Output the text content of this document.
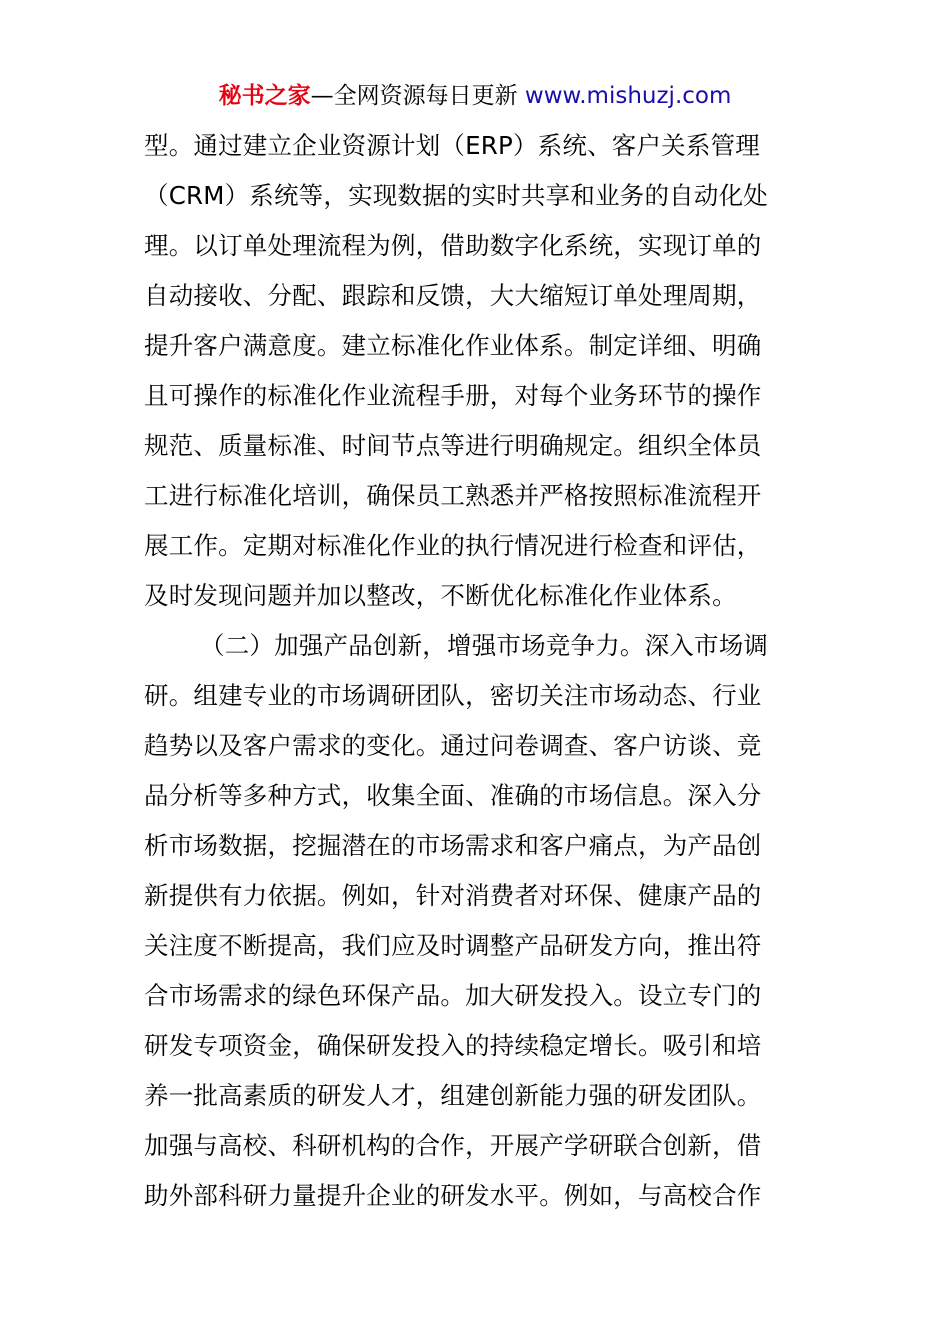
秘书之家—全网资源每日更新 www.mishuzj.com
型。通过建立企业资源计划（ERP）系统、客户关系管理
（CRM）系统等，实现数据的实时共享和业务的自动化处
理。以订单处理流程为例，借助数字化系统，实现订单的
自动接收、分配、跟踪和反馈，大大缩短订单处理周期，
提升客户满意度。建立标准化作业体系。制定详细、明确
且可操作的标准化作业流程手册，对每个业务环节的操作
规范、质量标准、时间节点等进行明确规定。组织全体员
工进行标准化培训，确保员工熟悉并严格按照标准流程开
展工作。定期对标准化作业的执行情况进行检查和评估，
及时发现问题并加以整改，不断优化标准化作业体系。
（二）加强产品创新，增强市场竞争力。深入市场调
研。组建专业的市场调研团队，密切关注市场动态、行业
趋势以及客户需求的变化。通过问卷调查、客户访谈、竞
品分析等多种方式，收集全面、准确的市场信息。深入分
析市场数据，挖掘潜在的市场需求和客户痛点，为产品创
新提供有力依据。例如，针对消费者对环保、健康产品的
关注度不断提高，我们应及时调整产品研发方向，推出符
合市场需求的绿色环保产品。加大研发投入。设立专门的
研发专项资金，确保研发投入的持续稳定增长。吸引和培
养一批高素质的研发人才，组建创新能力强的研发团队。
加强与高校、科研机构的合作，开展产学研联合创新，借
助外部科研力量提升企业的研发水平。例如，与高校合作
